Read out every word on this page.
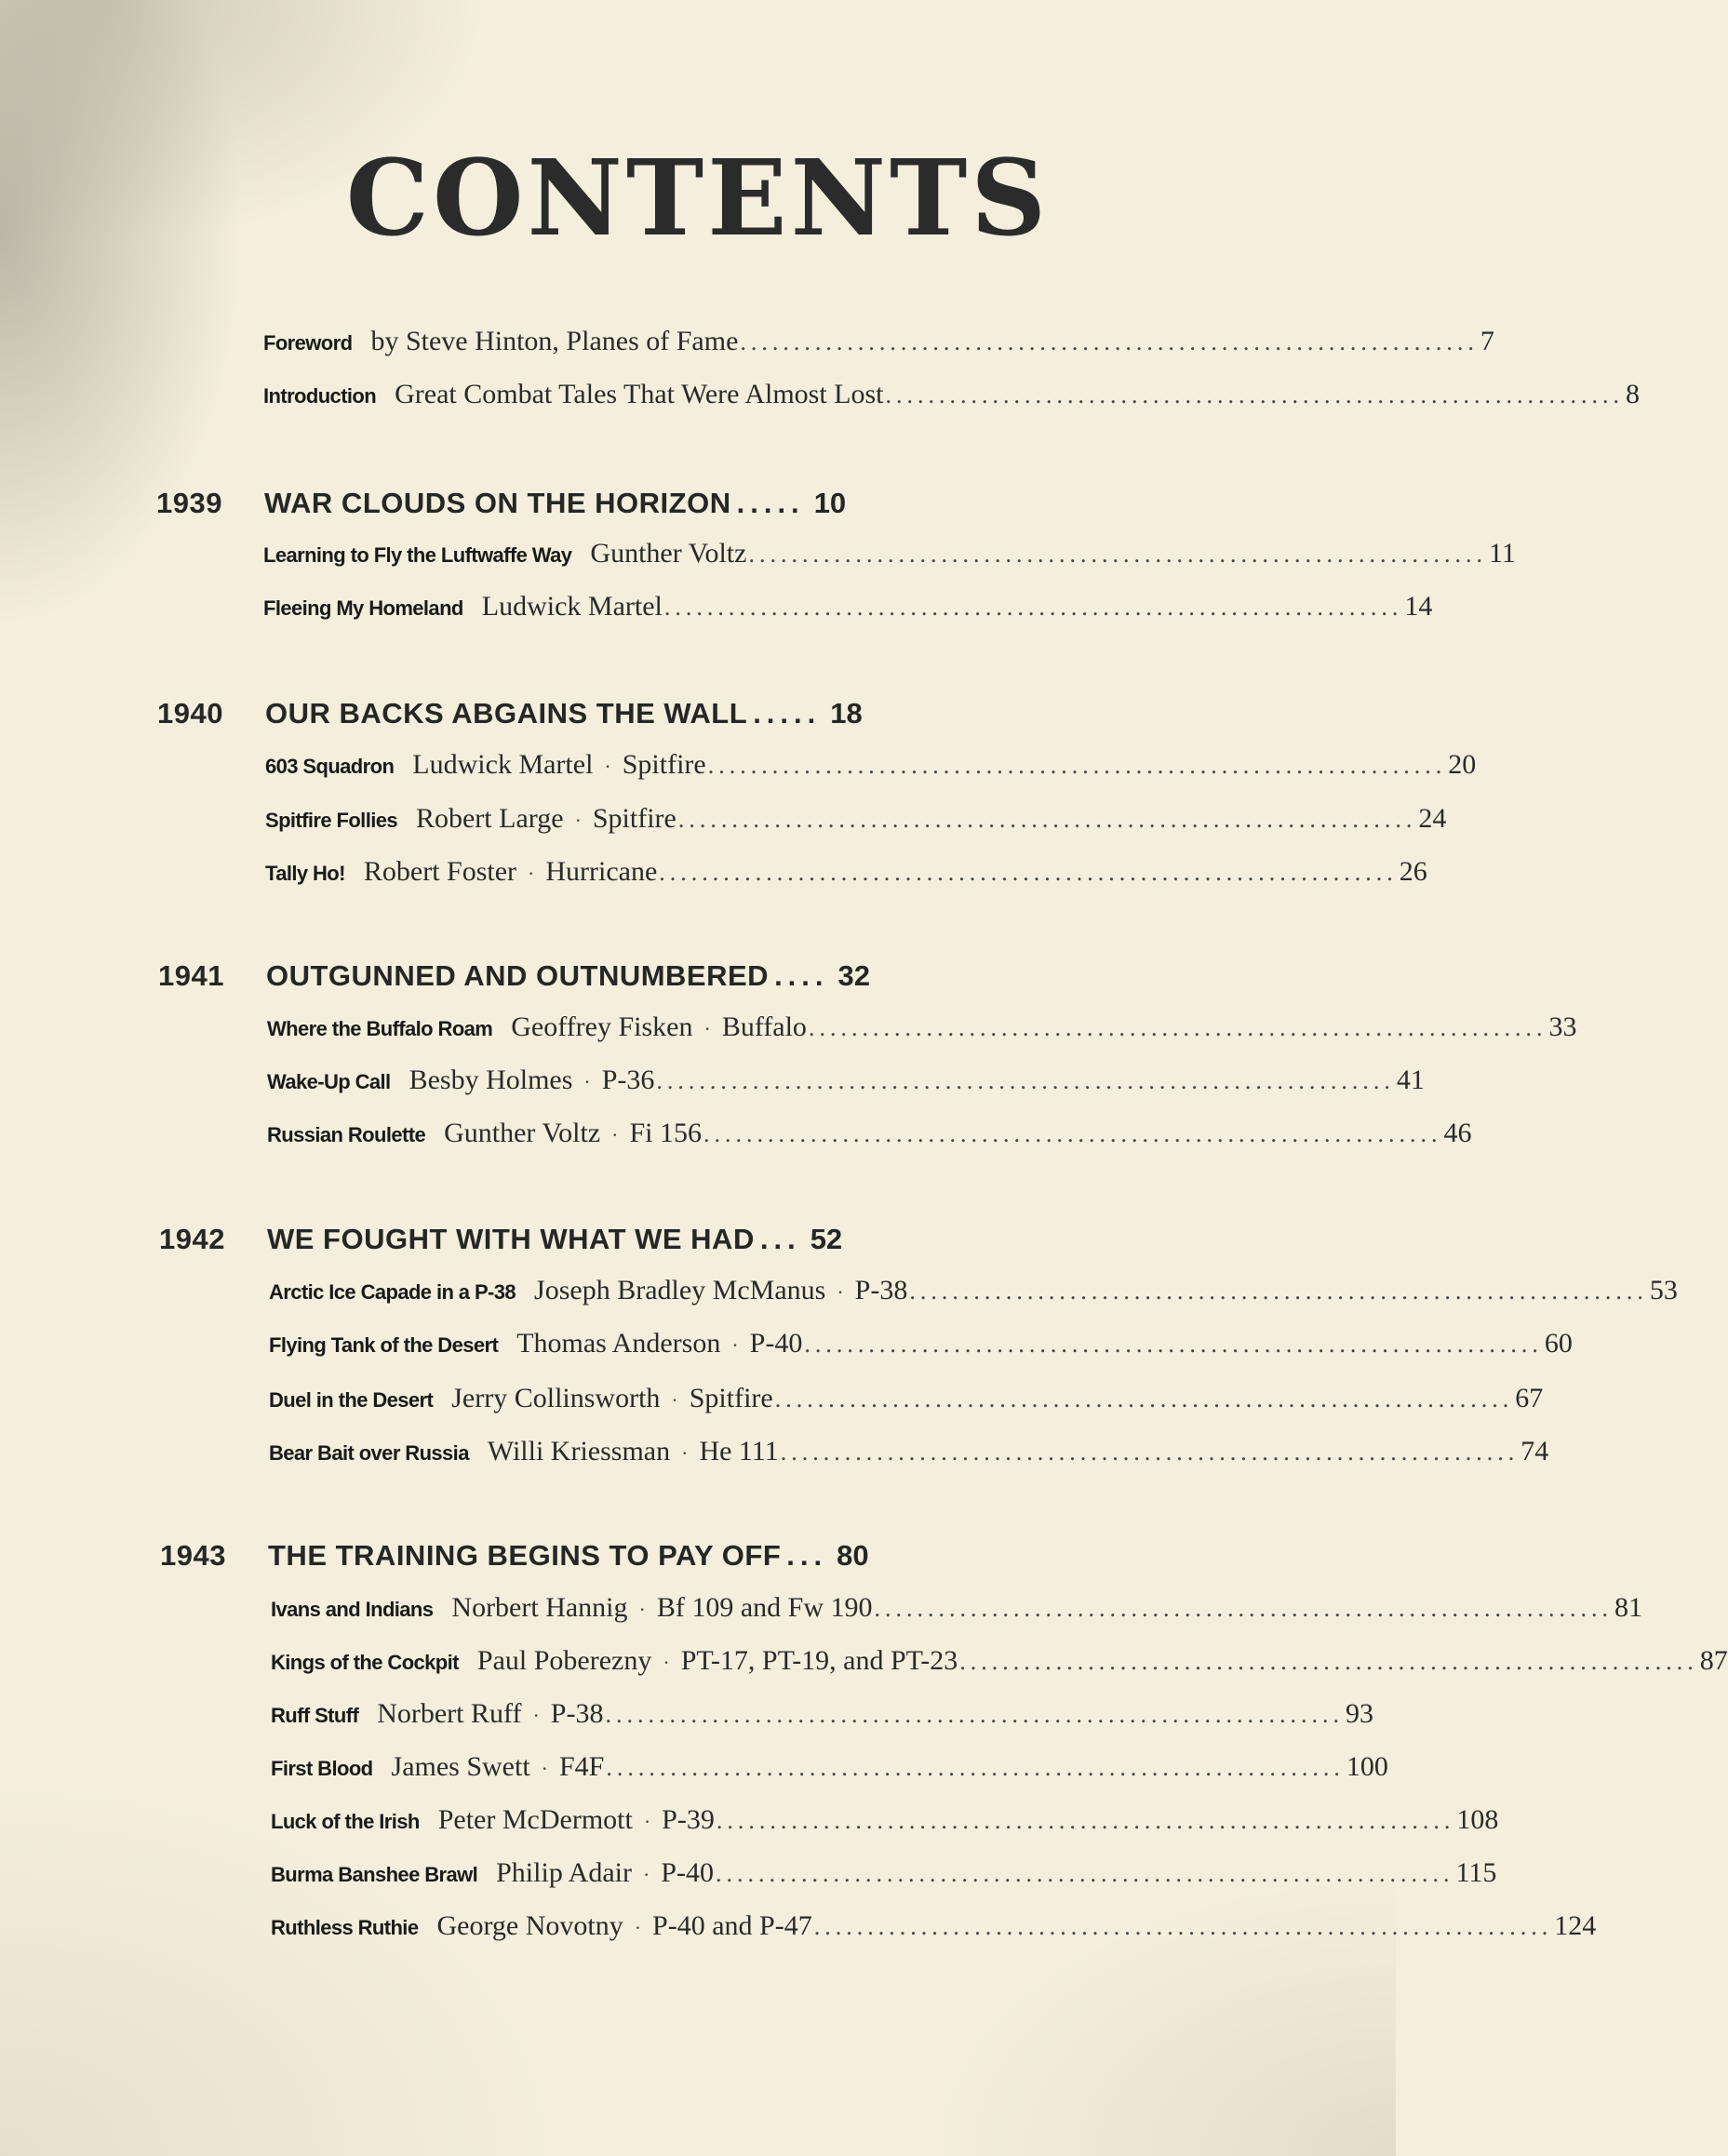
CONTENTS
Foreword by Steve Hinton, Planes of Fame ..................................................................... 7
Introduction Great Combat Tales That Were Almost Lost ..................................................................... 8
1939	WAR CLOUDS ON THE HORIZON ..... 10
Learning to Fly the Luftwaffe Way Gunther Voltz ..................................................................... 11
Fleeing My Homeland Ludwick Martel ..................................................................... 14
1940	OUR BACKS ABGAINS THE WALL ..... 18
603 Squadron Ludwick Martel · Spitfire ..................................................................... 20
Spitfire Follies Robert Large · Spitfire ..................................................................... 24
Tally Ho! Robert Foster · Hurricane ..................................................................... 26
1941	OUTGUNNED AND OUTNUMBERED .... 32
Where the Buffalo Roam Geoffrey Fisken · Buffalo ..................................................................... 33
Wake-Up Call Besby Holmes · P-36 ..................................................................... 41
Russian Roulette Gunther Voltz · Fi 156 ..................................................................... 46
1942	WE FOUGHT WITH WHAT WE HAD ... 52
Arctic Ice Capade in a P-38 Joseph Bradley McManus · P-38 ..................................................................... 53
Flying Tank of the Desert Thomas Anderson · P-40 ..................................................................... 60
Duel in the Desert Jerry Collinsworth · Spitfire ..................................................................... 67
Bear Bait over Russia Willi Kriessman · He 111 ..................................................................... 74
1943	THE TRAINING BEGINS TO PAY OFF ... 80
Ivans and Indians Norbert Hannig · Bf 109 and Fw 190 ..................................................................... 81
Kings of the Cockpit Paul Poberezny · PT-17, PT-19, and PT-23 ..................................................................... 87
Ruff Stuff Norbert Ruff · P-38 ..................................................................... 93
First Blood James Swett · F4F ..................................................................... 100
Luck of the Irish Peter McDermott · P-39 ..................................................................... 108
Burma Banshee Brawl Philip Adair · P-40 ..................................................................... 115
Ruthless Ruthie George Novotny · P-40 and P-47 ..................................................................... 124
